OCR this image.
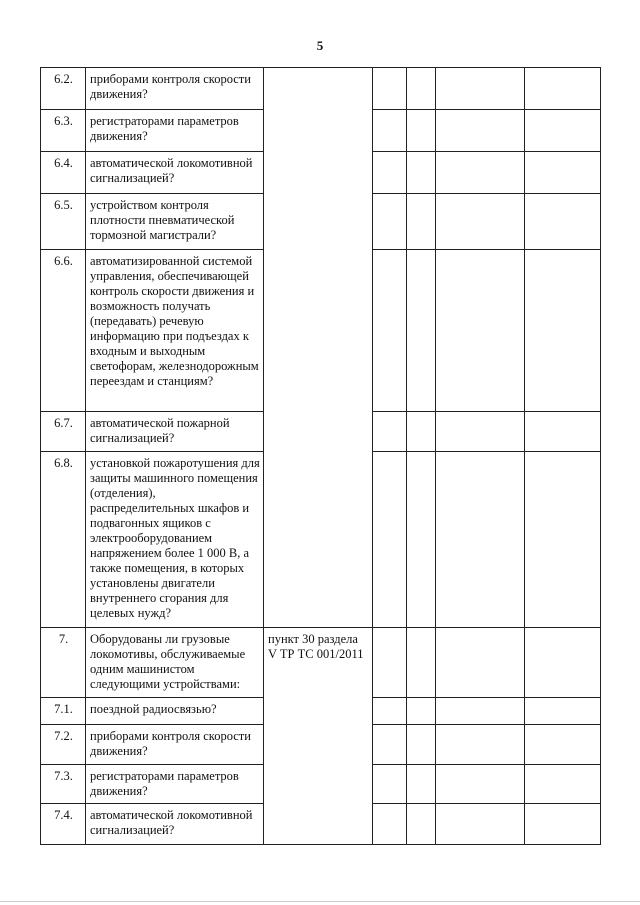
5
6.2.	приборами контроля скорости движения?					
6.3.	регистраторами параметров движения?					
6.4.	автоматической локомотивной сигнализацией?					
6.5.	устройством контроля плотности пневматической тормозной магистрали?					
6.6.	автоматизированной системой управления, обеспечивающей контроль скорости движения и возможность получать (передавать) речевую информацию при подъездах к входным и выходным светофорам, железнодорожным переездам и станциям?					
6.7.	автоматической пожарной сигнализацией?					
6.8.	установкой пожаротушения для защиты машинного помещения (отделения), распределительных шкафов и подвагонных ящиков с электрооборудованием напряжением более 1 000 В, а также помещения, в которых установлены двигатели внутреннего сгорания для целевых нужд?					
7.	Оборудованы ли грузовые локомотивы, обслуживаемые одним машинистом следующими устройствами:	пункт 30 раздела V ТР ТС 001/2011				
7.1.	поездной радиосвязью?					
7.2.	приборами контроля скорости движения?					
7.3.	регистраторами параметров движения?					
7.4.	автоматической локомотивной сигнализацией?					
